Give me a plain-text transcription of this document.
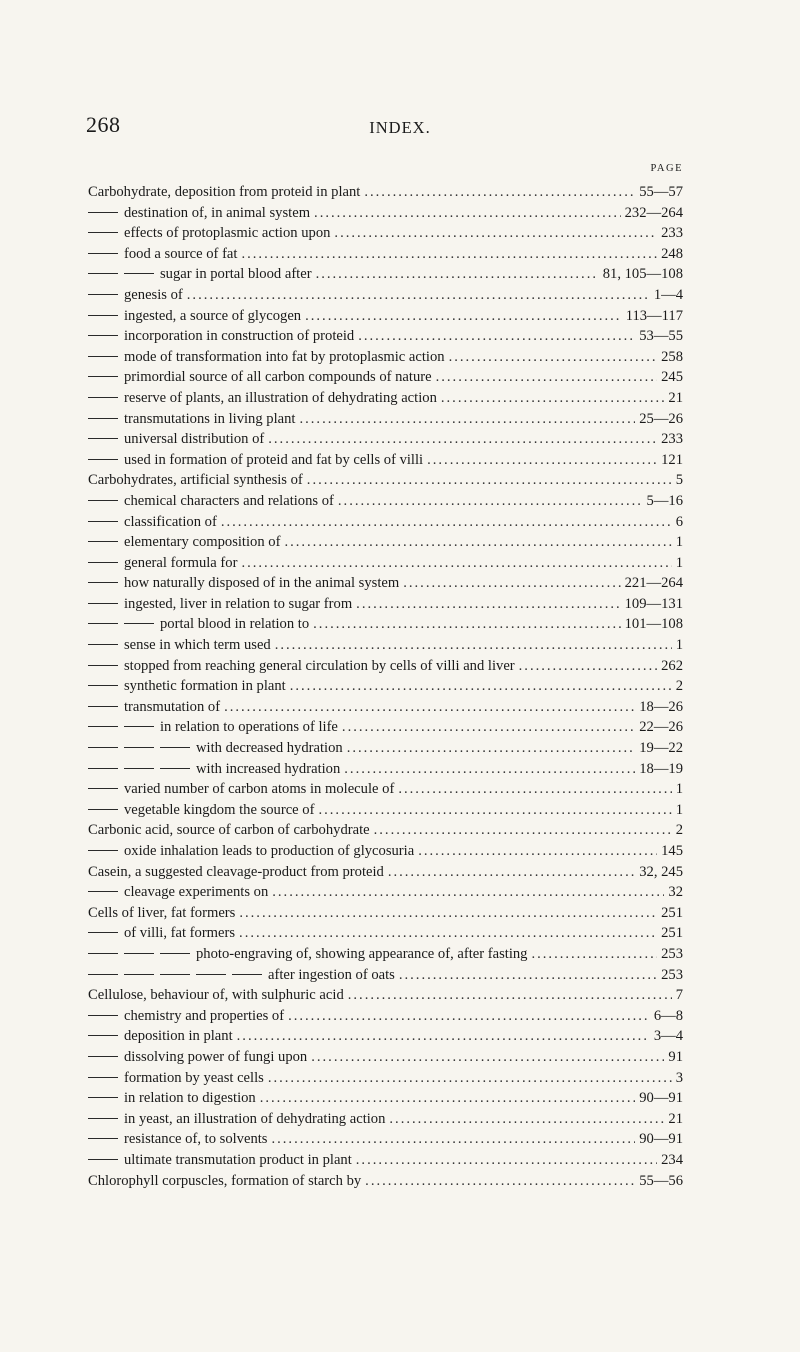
268	INDEX.
PAGE
Carbohydrate, deposition from proteid in plant .....	55—57
destination of, in animal system .....	232—264
effects of protoplasmic action upon .....	233
food a source of fat .....	248
sugar in portal blood after .....	81, 105—108
genesis of .....	1—4
ingested, a source of glycogen .....	113—117
incorporation in construction of proteid .....	53—55
mode of transformation into fat by protoplasmic action .....	258
primordial source of all carbon compounds of nature .....	245
reserve of plants, an illustration of dehydrating action .....	21
transmutations in living plant .....	25—26
universal distribution of .....	233
used in formation of proteid and fat by cells of villi .....	121
Carbohydrates, artificial synthesis of .....	5
chemical characters and relations of .....	5—16
classification of .....	6
elementary composition of .....	1
general formula for .....	1
how naturally disposed of in the animal system .....	221—264
ingested, liver in relation to sugar from .....	109—131
portal blood in relation to .....	101—108
sense in which term used .....	1
stopped from reaching general circulation by cells of villi and liver .....	262
synthetic formation in plant .....	2
transmutation of .....	18—26
in relation to operations of life .....	22—26
with decreased hydration .....	19—22
with increased hydration .....	18—19
varied number of carbon atoms in molecule of .....	1
vegetable kingdom the source of .....	1
Carbonic acid, source of carbon of carbohydrate .....	2
oxide inhalation leads to production of glycosuria .....	145
Casein, a suggested cleavage-product from proteid .....	32, 245
cleavage experiments on .....	32
Cells of liver, fat formers .....	251
of villi, fat formers .....	251
photo-engraving of, showing appearance of, after fasting .....	253
after ingestion of oats .....	253
Cellulose, behaviour of, with sulphuric acid .....	7
chemistry and properties of .....	6—8
deposition in plant .....	3—4
dissolving power of fungi upon .....	91
formation by yeast cells .....	3
in relation to digestion .....	90—91
in yeast, an illustration of dehydrating action .....	21
resistance of, to solvents .....	90—91
ultimate transmutation product in plant .....	234
Chlorophyll corpuscles, formation of starch by .....	55—56
